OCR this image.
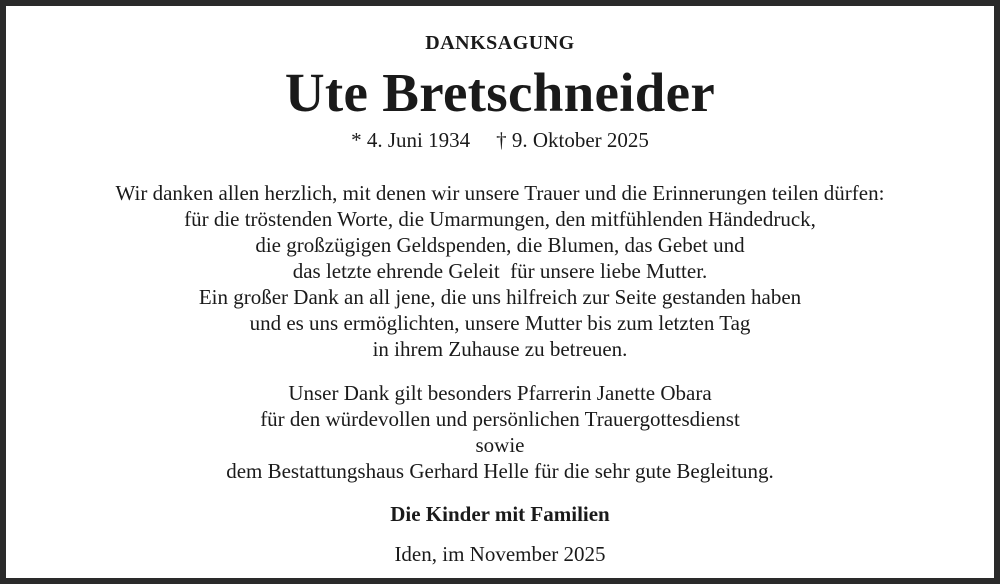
DANKSAGUNG
Ute Bretschneider
* 4. Juni 1934 † 9. Oktober 2025
Wir danken allen herzlich, mit denen wir unsere Trauer und die Erinnerungen teilen dürfen:
für die tröstenden Worte, die Umarmungen, den mitfühlenden Händedruck,
die großzügigen Geldspenden, die Blumen, das Gebet und
das letzte ehrende Geleit  für unsere liebe Mutter.
Ein großer Dank an all jene, die uns hilfreich zur Seite gestanden haben
und es uns ermöglichten, unsere Mutter bis zum letzten Tag
in ihrem Zuhause zu betreuen.
Unser Dank gilt besonders Pfarrerin Janette Obara
für den würdevollen und persönlichen Trauergottesdienst
sowie
dem Bestattungshaus Gerhard Helle für die sehr gute Begleitung.
Die Kinder mit Familien
Iden, im November 2025
